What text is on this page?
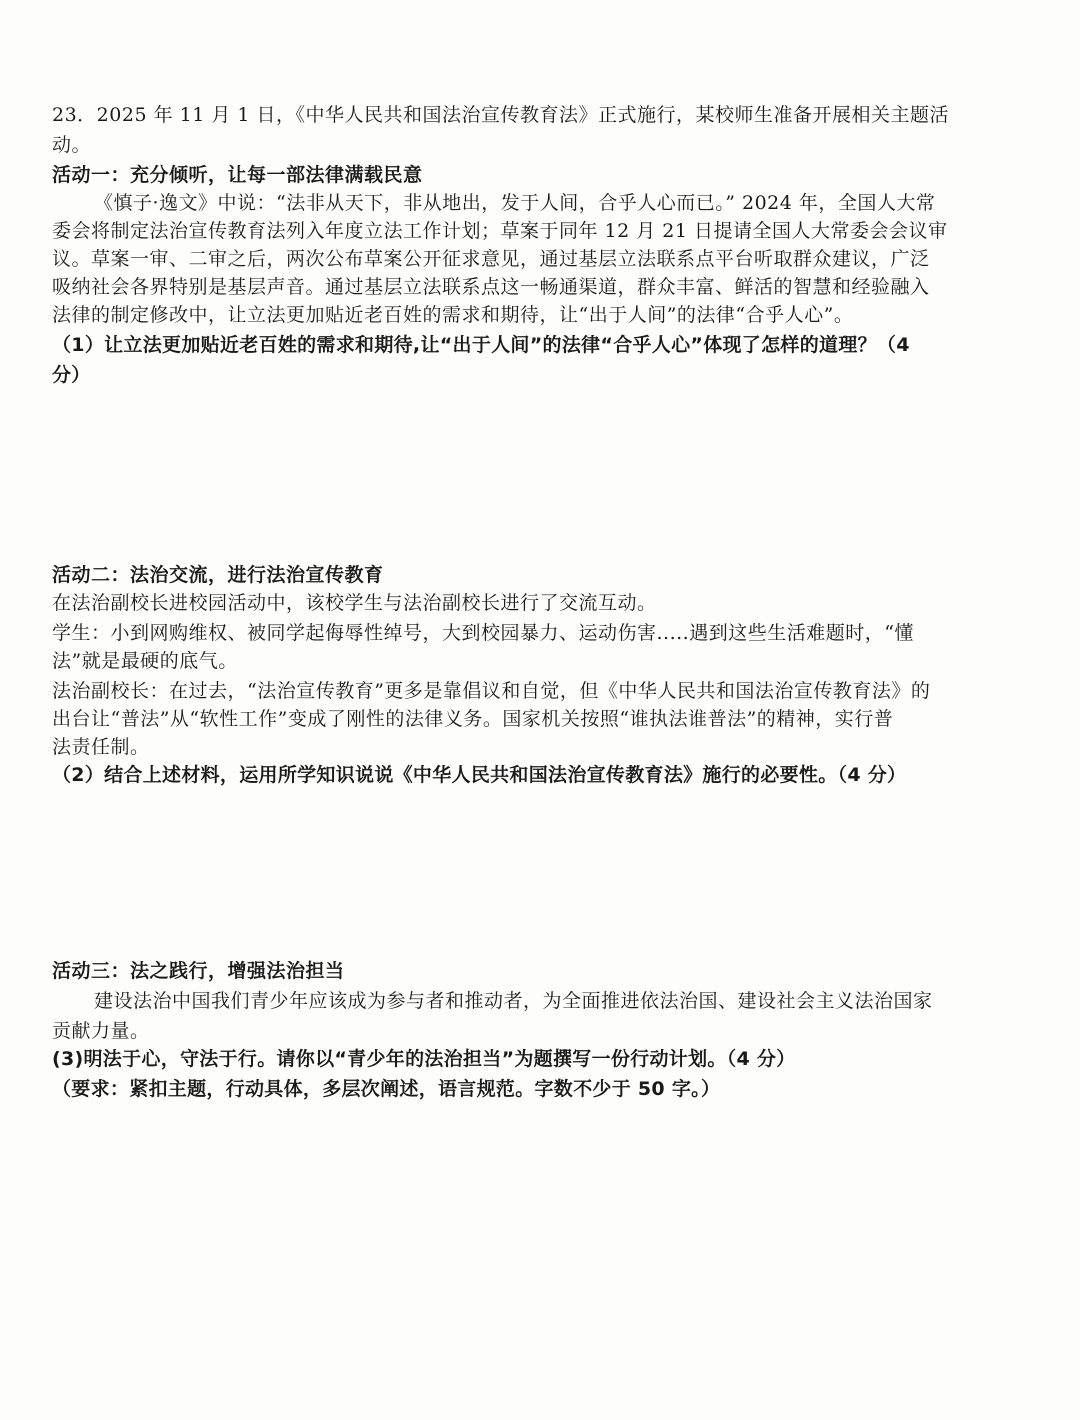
23．2025 年 11 月 1 日，《中华人民共和国法治宣传教育法》正式施行，某校师生准备开展相关主题活
动。
活动一：充分倾听，让每一部法律满载民意
《慎子·逸文》中说：“法非从天下，非从地出，发于人间，合乎人心而已。” 2024 年，全国人大常
委会将制定法治宣传教育法列入年度立法工作计划；草案于同年 12 月 21 日提请全国人大常委会会议审
议。草案一审、二审之后，两次公布草案公开征求意见，通过基层立法联系点平台听取群众建议，广泛
吸纳社会各界特别是基层声音。通过基层立法联系点这一畅通渠道，群众丰富、鲜活的智慧和经验融入
法律的制定修改中，让立法更加贴近老百姓的需求和期待，让“出于人间”的法律“合乎人心”。
（1）让立法更加贴近老百姓的需求和期待,让“出于人间”的法律“合乎人心”体现了怎样的道理？（4
分）
活动二：法治交流，进行法治宣传教育
在法治副校长进校园活动中，该校学生与法治副校长进行了交流互动。
学生：小到网购维权、被同学起侮辱性绰号，大到校园暴力、运动伤害.....遇到这些生活难题时，“懂
法”就是最硬的底气。
法治副校长：在过去，“法治宣传教育”更多是靠倡议和自觉，但《中华人民共和国法治宣传教育法》的
出台让“普法”从“软性工作”变成了刚性的法律义务。国家机关按照“谁执法谁普法”的精神，实行普
法责任制。
（2）结合上述材料，运用所学知识说说《中华人民共和国法治宣传教育法》施行的必要性。（4 分）
活动三：法之践行，增强法治担当
建设法治中国我们青少年应该成为参与者和推动者，为全面推进依法治国、建设社会主义法治国家
贡献力量。
(3)明法于心，守法于行。请你以“青少年的法治担当”为题撰写一份行动计划。（4 分）
（要求：紧扣主题，行动具体，多层次阐述，语言规范。字数不少于 50 字。）
